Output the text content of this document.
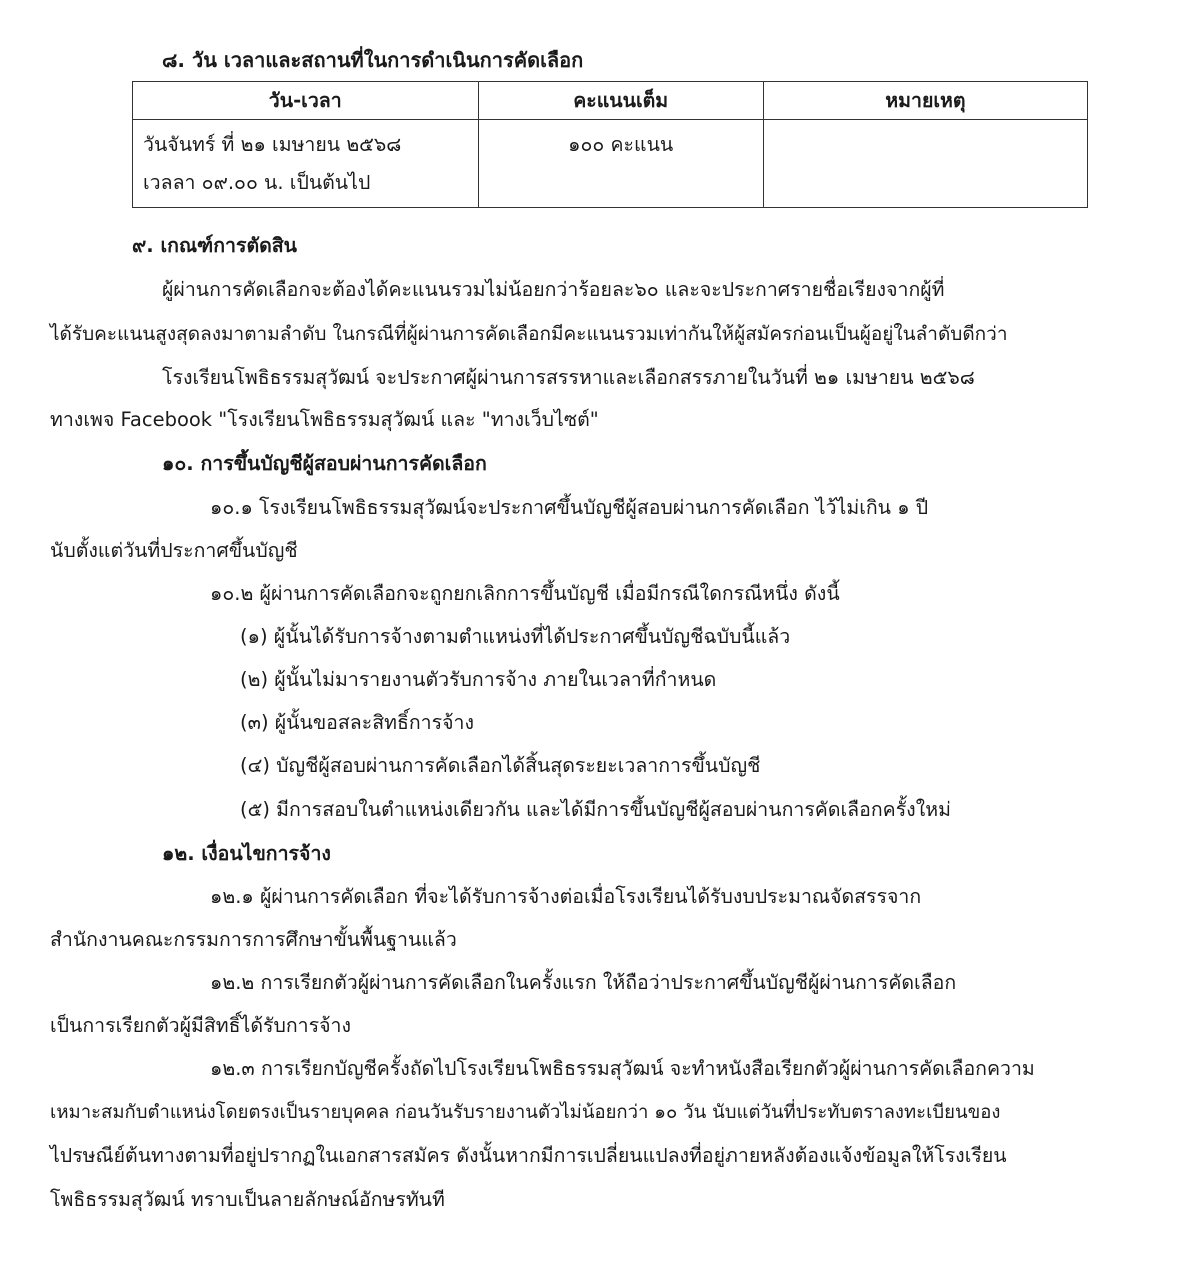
๘. วัน เวลาและสถานที่ในการดำเนินการคัดเลือก
วัน-เวลา	คะแนนเต็ม	หมายเหตุ

วันจันทร์ ที่ ๒๑ เมษายน ๒๕๖๘
เวลลา ๐๙.๐๐ น. เป็นต้นไป	๑๐๐ คะแนน	
๙. เกณฑ์การตัดสิน
ผู้ผ่านการคัดเลือกจะต้องได้คะแนนรวมไม่น้อยกว่าร้อยละ๖๐ และจะประกาศรายชื่อเรียงจากผู้ที่
ได้รับคะแนนสูงสุดลงมาตามลำดับ ในกรณีที่ผู้ผ่านการคัดเลือกมีคะแนนรวมเท่ากันให้ผู้สมัครก่อนเป็นผู้อยู่ในลำดับดีกว่า
โรงเรียนโพธิธรรมสุวัฒน์ จะประกาศผู้ผ่านการสรรหาและเลือกสรรภายในวันที่ ๒๑ เมษายน ๒๕๖๘
ทางเพจ Facebook "โรงเรียนโพธิธรรมสุวัฒน์ และ "ทางเว็บไซต์"
๑๐. การขึ้นบัญชีผู้สอบผ่านการคัดเลือก
๑๐.๑ โรงเรียนโพธิธรรมสุวัฒน์จะประกาศขึ้นบัญชีผู้สอบผ่านการคัดเลือก ไว้ไม่เกิน ๑ ปี
นับตั้งแต่วันที่ประกาศขึ้นบัญชี
๑๐.๒ ผู้ผ่านการคัดเลือกจะถูกยกเลิกการขึ้นบัญชี เมื่อมีกรณีใดกรณีหนึ่ง ดังนี้
(๑) ผู้นั้นได้รับการจ้างตามตำแหน่งที่ได้ประกาศขึ้นบัญชีฉบับนี้แล้ว
(๒) ผู้นั้นไม่มารายงานตัวรับการจ้าง ภายในเวลาที่กำหนด
(๓) ผู้นั้นขอสละสิทธิ์การจ้าง
(๔) บัญชีผู้สอบผ่านการคัดเลือกได้สิ้นสุดระยะเวลาการขึ้นบัญชี
(๕) มีการสอบในตำแหน่งเดียวกัน และได้มีการขึ้นบัญชีผู้สอบผ่านการคัดเลือกครั้งใหม่
๑๒. เงื่อนไขการจ้าง
๑๒.๑ ผู้ผ่านการคัดเลือก ที่จะได้รับการจ้างต่อเมื่อโรงเรียนได้รับงบประมาณจัดสรรจาก
สำนักงานคณะกรรมการการศึกษาขั้นพื้นฐานแล้ว
๑๒.๒ การเรียกตัวผู้ผ่านการคัดเลือกในครั้งแรก ให้ถือว่าประกาศขึ้นบัญชีผู้ผ่านการคัดเลือก
เป็นการเรียกตัวผู้มีสิทธิ์ได้รับการจ้าง
๑๒.๓ การเรียกบัญชีครั้งถัดไปโรงเรียนโพธิธรรมสุวัฒน์ จะทำหนังสือเรียกตัวผู้ผ่านการคัดเลือกความ
เหมาะสมกับตำแหน่งโดยตรงเป็นรายบุคคล ก่อนวันรับรายงานตัวไม่น้อยกว่า ๑๐ วัน นับแต่วันที่ประทับตราลงทะเบียนของ
ไปรษณีย์ต้นทางตามที่อยู่ปรากฏในเอกสารสมัคร ดังนั้นหากมีการเปลี่ยนแปลงที่อยู่ภายหลังต้องแจ้งข้อมูลให้โรงเรียน
โพธิธรรมสุวัฒน์ ทราบเป็นลายลักษณ์อักษรทันที
